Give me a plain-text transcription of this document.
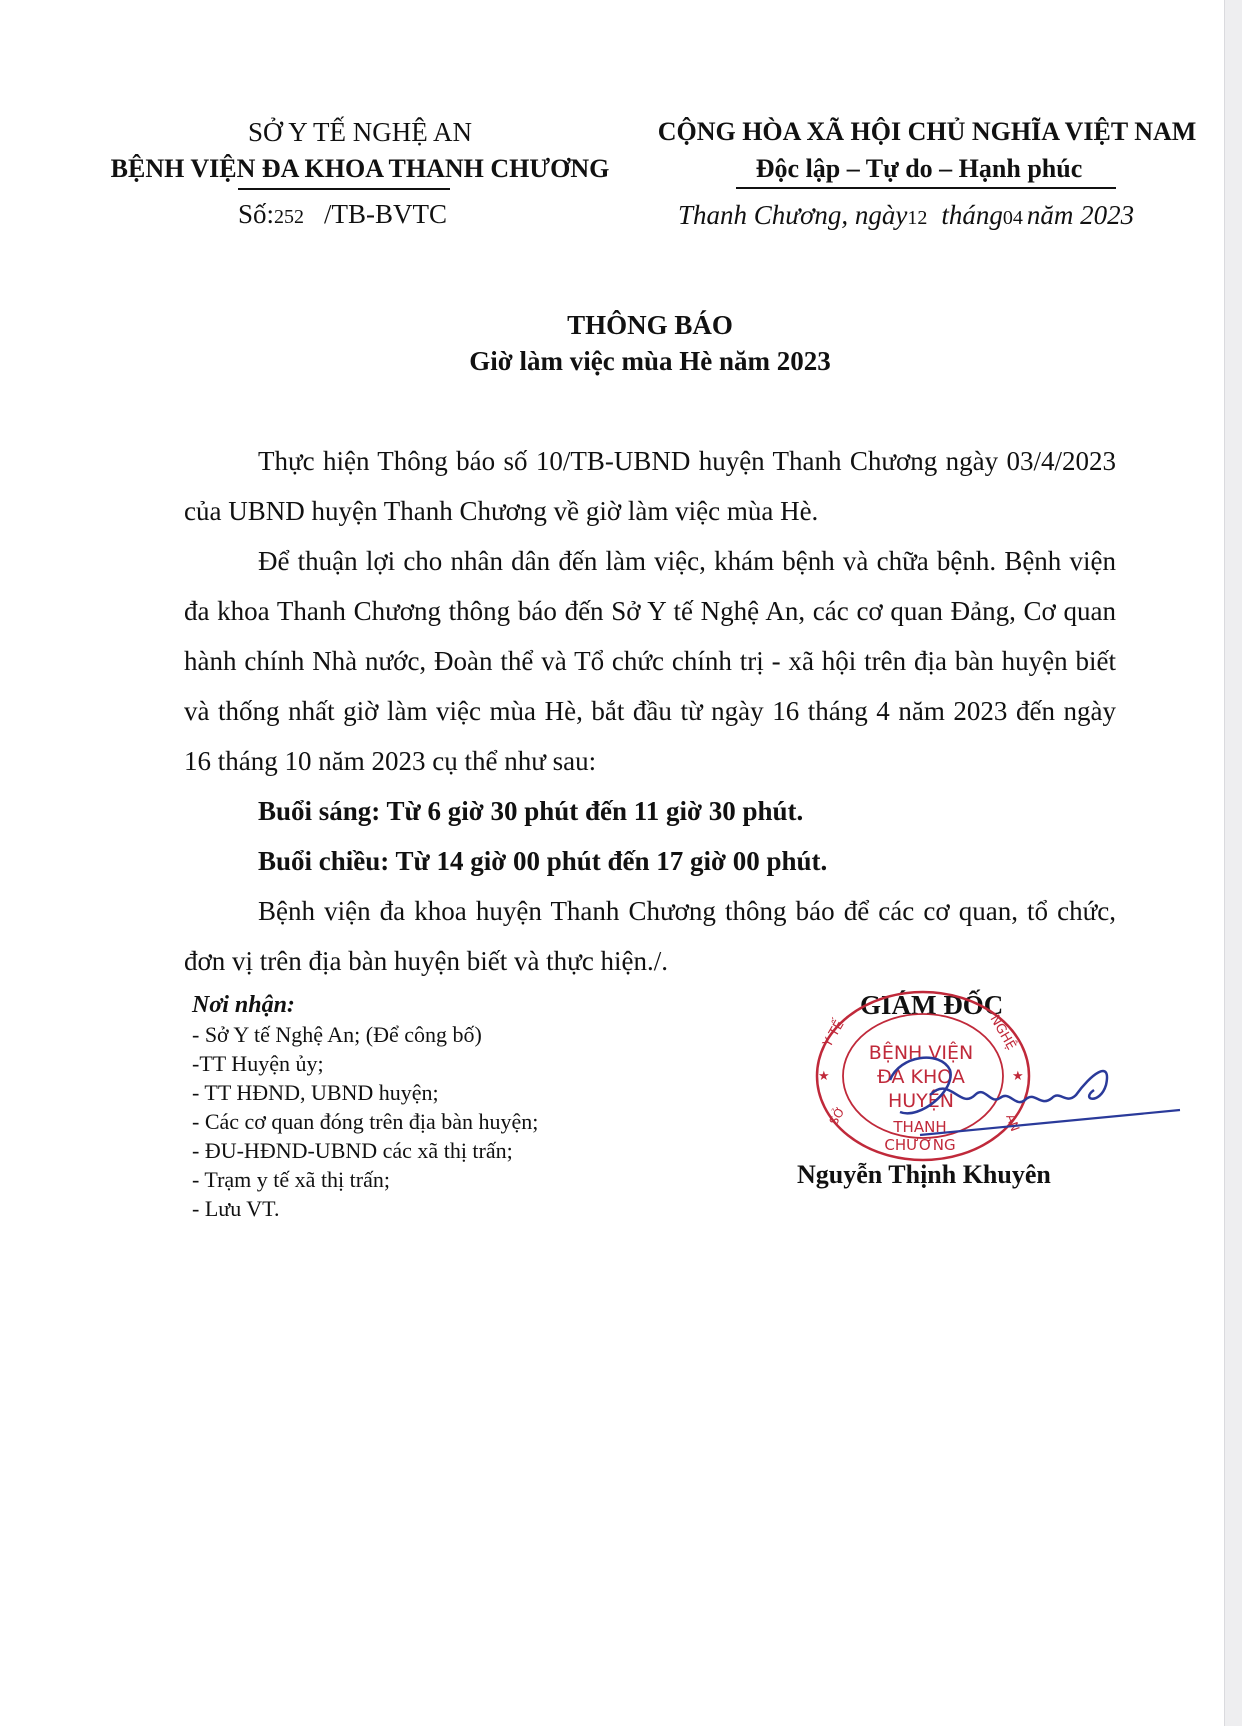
SỞ Y TẾ NGHỆ AN
BỆNH VIỆN ĐA KHOA THANH CHƯƠNG
Số:252 /TB-BVTC
CỘNG HÒA XÃ HỘI CHỦ NGHĨA VIỆT NAM
Độc lập – Tự do – Hạnh phúc
Thanh Chương, ngày12 tháng04 năm 2023
THÔNG BÁO
Giờ làm việc mùa Hè năm 2023

Thực hiện Thông báo số 10/TB-UBND huyện Thanh Chương ngày 03/4/2023 của UBND huyện Thanh Chương về giờ làm việc mùa Hè.

Để thuận lợi cho nhân dân đến làm việc, khám bệnh và chữa bệnh. Bệnh viện đa khoa Thanh Chương thông báo đến Sở Y tế Nghệ An, các cơ quan Đảng, Cơ quan hành chính Nhà nước, Đoàn thể và Tổ chức chính trị - xã hội trên địa bàn huyện biết và thống nhất giờ làm việc mùa Hè, bắt đầu từ ngày 16 tháng 4 năm 2023 đến ngày 16 tháng 10 năm 2023 cụ thể như sau:

Buổi sáng: Từ 6 giờ 30 phút đến 11 giờ 30 phút.

Buổi chiều: Từ 14 giờ 00 phút đến 17 giờ 00 phút.

Bệnh viện đa khoa huyện Thanh Chương thông báo để các cơ quan, tổ chức, đơn vị trên địa bàn huyện biết và thực hiện./.

Nơi nhận:
- Sở Y tế Nghệ An; (Để công bố)
-TT Huyện ủy;
- TT HĐND, UBND huyện;
- Các cơ quan đóng trên địa bàn huyện;
- ĐU-HĐND-UBND các xã thị trấn;
- Trạm y tế xã thị trấn;
- Lưu VT.
GIÁM ĐỐC
Y TẾ	NGHỆ
AN
SỞ
★	★
BỆNH VIỆN
ĐA KHOA
HUYỆN
THANH CHƯƠNG
Nguyễn Thịnh Khuyên
